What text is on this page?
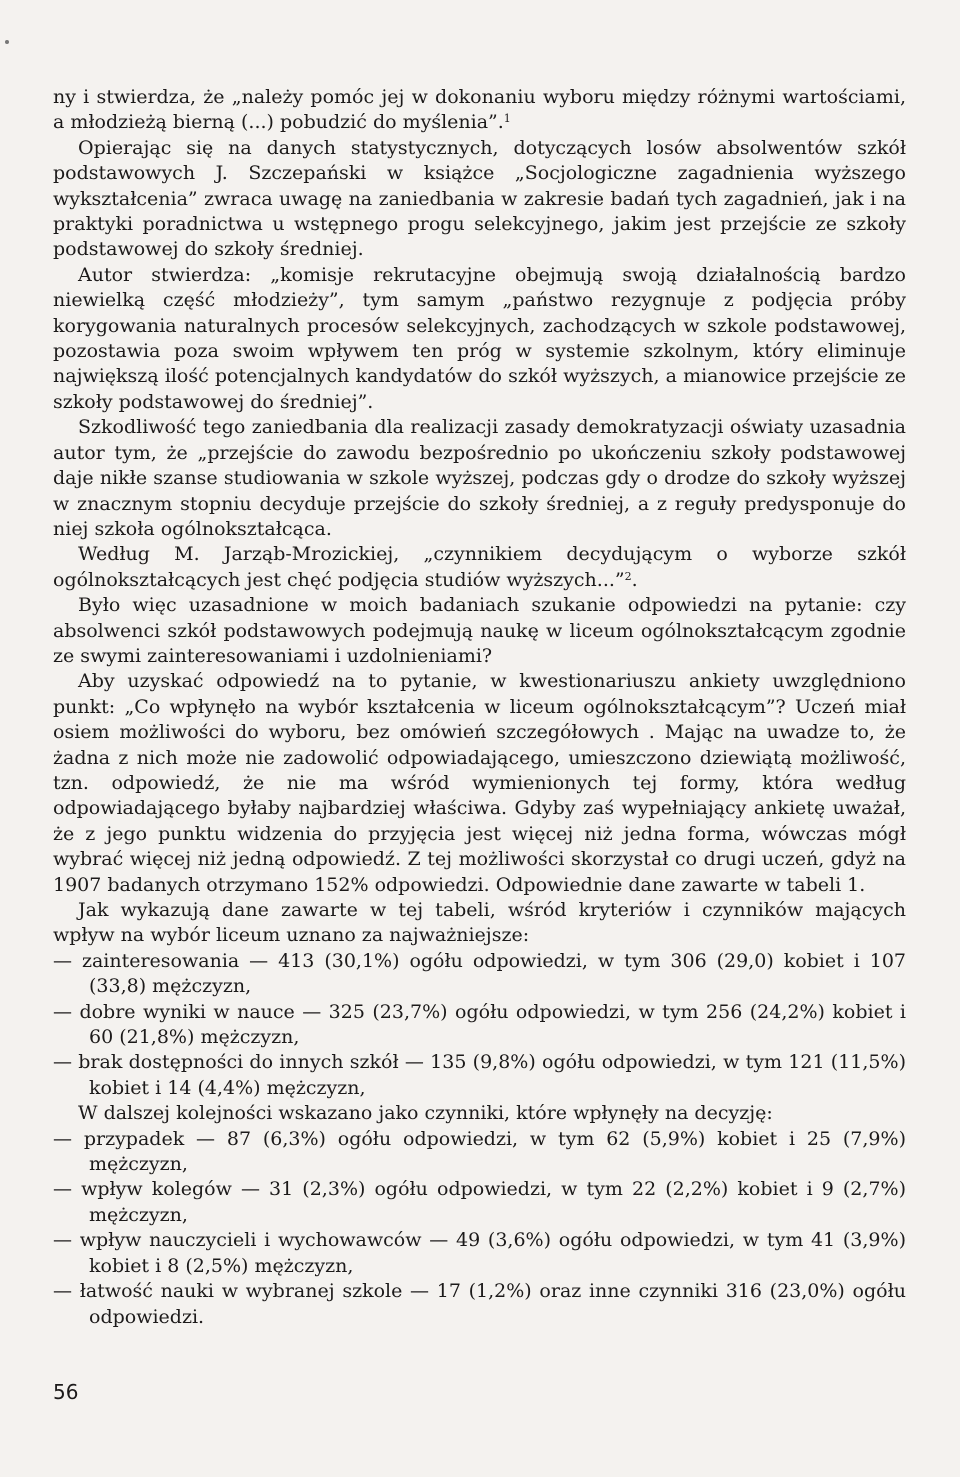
ny i stwierdza, że „należy pomóc jej w dokonaniu wyboru między różnymi wartościami, a młodzieżą bierną (...) pobudzić do myślenia”.$^1$

Opierając się na danych statystycznych, dotyczących losów absolwentów szkół podstawowych J. Szczepański w książce „Socjologiczne zagadnienia wyższego wykształcenia” zwraca uwagę na zaniedbania w zakresie badań tych zagadnień, jak i na praktyki poradnictwa u wstępnego progu selekcyjnego, jakim jest przejście ze szkoły podstawowej do szkoły średniej.

Autor stwierdza: „komisje rekrutacyjne obejmują swoją działalnością bardzo niewielką część młodzieży”, tym samym „państwo rezygnuje z podjęcia próby korygowania naturalnych procesów selekcyjnych, zachodzących w szkole podstawowej, pozostawia poza swoim wpływem ten próg w systemie szkolnym, który eliminuje największą ilość potencjalnych kandydatów do szkół wyższych, a mianowice przejście ze szkoły podstawowej do średniej”.

Szkodliwość tego zaniedbania dla realizacji zasady demokratyzacji oświaty uzasadnia autor tym, że „przejście do zawodu bezpośrednio po ukończeniu szkoły podstawowej daje nikłe szanse studiowania w szkole wyższej, podczas gdy o drodze do szkoły wyższej w znacznym stopniu decyduje przejście do szkoły średniej, a z reguły predysponuje do niej szkoła ogólnokształcąca.

Według M. Jarząb-Mrozickiej, „czynnikiem decydującym o wyborze szkół ogólnokształcących jest chęć podjęcia studiów wyższych...”$^2$.

Było więc uzasadnione w moich badaniach szukanie odpowiedzi na pytanie: czy absolwenci szkół podstawowych podejmują naukę w liceum ogólnokształcącym zgodnie ze swymi zainteresowaniami i uzdolnieniami?

Aby uzyskać odpowiedź na to pytanie, w kwestionariuszu ankiety uwzględniono punkt: „Co wpłynęło na wybór kształcenia w liceum ogólnokształcącym”? Uczeń miał osiem możliwości do wyboru, bez omówień szczegółowych . Mając na uwadze to, że żadna z nich może nie zadowolić odpowiadającego, umieszczono dziewiątą możliwość, tzn. odpowiedź, że nie ma wśród wymienionych tej formy, która według odpowiadającego byłaby najbardziej właściwa. Gdyby zaś wypełniający ankietę uważał, że z jego punktu widzenia do przyjęcia jest więcej niż jedna forma, wówczas mógł wybrać więcej niż jedną odpowiedź. Z tej możliwości skorzystał co drugi uczeń, gdyż na 1907 badanych otrzymano 152% odpowiedzi. Odpowiednie dane zawarte w tabeli 1.

Jak wykazują dane zawarte w tej tabeli, wśród kryteriów i czynników mających wpływ na wybór liceum uznano za najważniejsze:

— zainteresowania — 413 (30,1%) ogółu odpowiedzi, w tym 306 (29,0) kobiet i 107 (33,8) mężczyzn,

— dobre wyniki w nauce — 325 (23,7%) ogółu odpowiedzi, w tym 256 (24,2%) kobiet i 60 (21,8%) mężczyzn,

— brak dostępności do innych szkół — 135 (9,8%) ogółu odpowiedzi, w tym 121 (11,5%) kobiet i 14 (4,4%) mężczyzn,

W dalszej kolejności wskazano jako czynniki, które wpłynęły na decyzję:

— przypadek — 87 (6,3%) ogółu odpowiedzi, w tym 62 (5,9%) kobiet i 25 (7,9%) mężczyzn,

— wpływ kolegów — 31 (2,3%) ogółu odpowiedzi, w tym 22 (2,2%) kobiet i 9 (2,7%) mężczyzn,

— wpływ nauczycieli i wychowawców — 49 (3,6%) ogółu odpowiedzi, w tym 41 (3,9%) kobiet i 8 (2,5%) mężczyzn,

— łatwość nauki w wybranej szkole — 17 (1,2%) oraz inne czynniki 316 (23,0%) ogółu odpowiedzi.

56
